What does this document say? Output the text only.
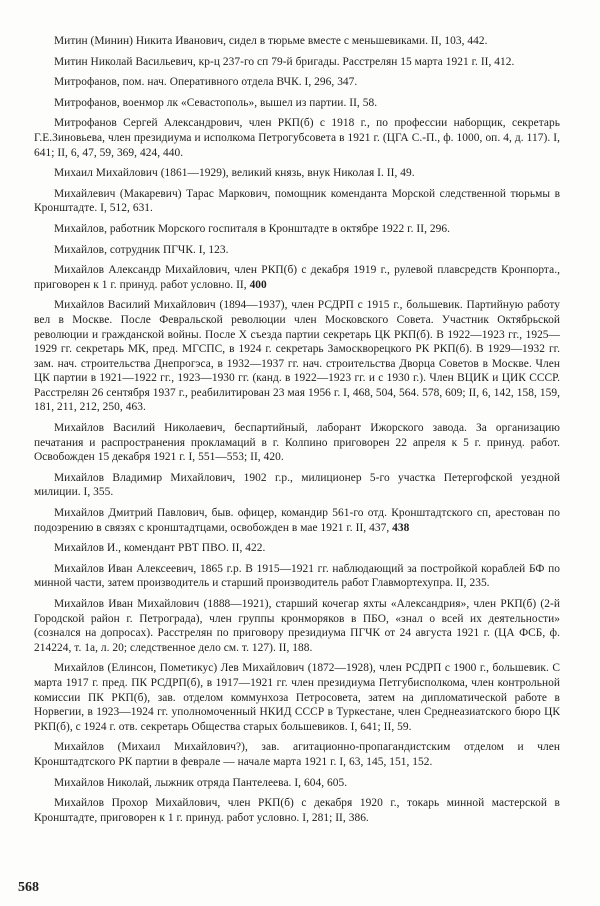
Митин (Минин) Никита Иванович, сидел в тюрьме вместе с меньшевиками. II, 103, 442.

Митин Николай Васильевич, кр-ц 237-го сп 79-й бригады. Расстрелян 15 марта 1921 г. II, 412.

Митрофанов, пом. нач. Оперативного отдела ВЧК. I, 296, 347.

Митрофанов, военмор лк «Севастополь», вышел из партии. II, 58.

Митрофанов Сергей Александрович, член РКП(б) с 1918 г., по профессии наборщик, секретарь Г.Е.Зиновьева, член президиума и исполкома Петрогубсовета в 1921 г. (ЦГА С.-П., ф. 1000, оп. 4, д. 117). I, 641; II, 6, 47, 59, 369, 424, 440.

Михаил Михайлович (1861—1929), великий князь, внук Николая I. II, 49.

Михайлевич (Макаревич) Тарас Маркович, помощник коменданта Морской следственной тюрьмы в Кронштадте. I, 512, 631.

Михайлов, работник Морского госпиталя в Кронштадте в октябре 1922 г. II, 296.

Михайлов, сотрудник ПГЧК. I, 123.

Михайлов Александр Михайлович, член РКП(б) с декабря 1919 г., рулевой плавсредств Кронпорта., приговорен к 1 г. принуд. работ условно. II, 400

Михайлов Василий Михайлович (1894—1937), член РСДРП с 1915 г., большевик. Партийную работу вел в Москве. После Февральской революции член Московского Совета. Участник Октябрьской революции и гражданской войны. После X съезда партии секретарь ЦК РКП(б). В 1922—1923 гг., 1925—1929 гг. секретарь МК, пред. МГСПС, в 1924 г. секретарь Замоскворецкого РК РКП(б). В 1929—1932 гг. зам. нач. строительства Днепрогэса, в 1932—1937 гг. нач. строительства Дворца Советов в Москве. Член ЦК партии в 1921—1922 гг., 1923—1930 гг. (канд. в 1922—1923 гг. и с 1930 г.). Член ВЦИК и ЦИК СССР. Расстрелян 26 сентября 1937 г., реабилитирован 23 мая 1956 г. I, 468, 504, 564. 578, 609; II, 6, 142, 158, 159, 181, 211, 212, 250, 463.

Михайлов Василий Николаевич, беспартийный, лаборант Ижорского завода. За организацию печатания и распространения прокламаций в г. Колпино приговорен 22 апреля к 5 г. принуд. работ. Освобожден 15 декабря 1921 г. I, 551—553; II, 420.

Михайлов Владимир Михайлович, 1902 г.р., милиционер 5-го участка Петергофской уездной милиции. I, 355.

Михайлов Дмитрий Павлович, быв. офицер, командир 561-го отд. Кронштадтского сп, арестован по подозрению в связях с кронштадтцами, освобожден в мае 1921 г. II, 437, 438

Михайлов И., комендант РВТ ПВО. II, 422.

Михайлов Иван Алексеевич, 1865 г.р. В 1915—1921 гг. наблюдающий за постройкой кораблей БФ по минной части, затем производитель и старший производитель работ Главмортехупра. II, 235.

Михайлов Иван Михайлович (1888—1921), старший кочегар яхты «Александрия», член РКП(б) (2-й Городской район г. Петрограда), член группы кронморяков в ПБО, «знал о всей их деятельности» (сознался на допросах). Расстрелян по приговору президиума ПГЧК от 24 августа 1921 г. (ЦА ФСБ, ф. 214224, т. 1а, л. 20; следственное дело см. т. 127). II, 188.

Михайлов (Елинсон, Пометикус) Лев Михайлович (1872—1928), член РСДРП с 1900 г., большевик. С марта 1917 г. пред. ПК РСДРП(б), в 1917—1921 гг. член президиума Петгубисполкома, член контрольной комиссии ПК РКП(б), зав. отделом коммунхоза Петросовета, затем на дипломатической работе в Норвегии, в 1923—1924 гг. уполномоченный НКИД СССР в Туркестане, член Среднеазиатского бюро ЦК РКП(б), с 1924 г. отв. секретарь Общества старых большевиков. I, 641; II, 59.

Михайлов (Михаил Михайлович?), зав. агитационно-пропагандистским отделом и член Кронштадтского РК партии в феврале — начале марта 1921 г. I, 63, 145, 151, 152.

Михайлов Николай, лыжник отряда Пантелеева. I, 604, 605.

Михайлов Прохор Михайлович, член РКП(б) с декабря 1920 г., токарь минной мастерской в Кронштадте, приговорен к 1 г. принуд. работ условно. I, 281; II, 386.

568
